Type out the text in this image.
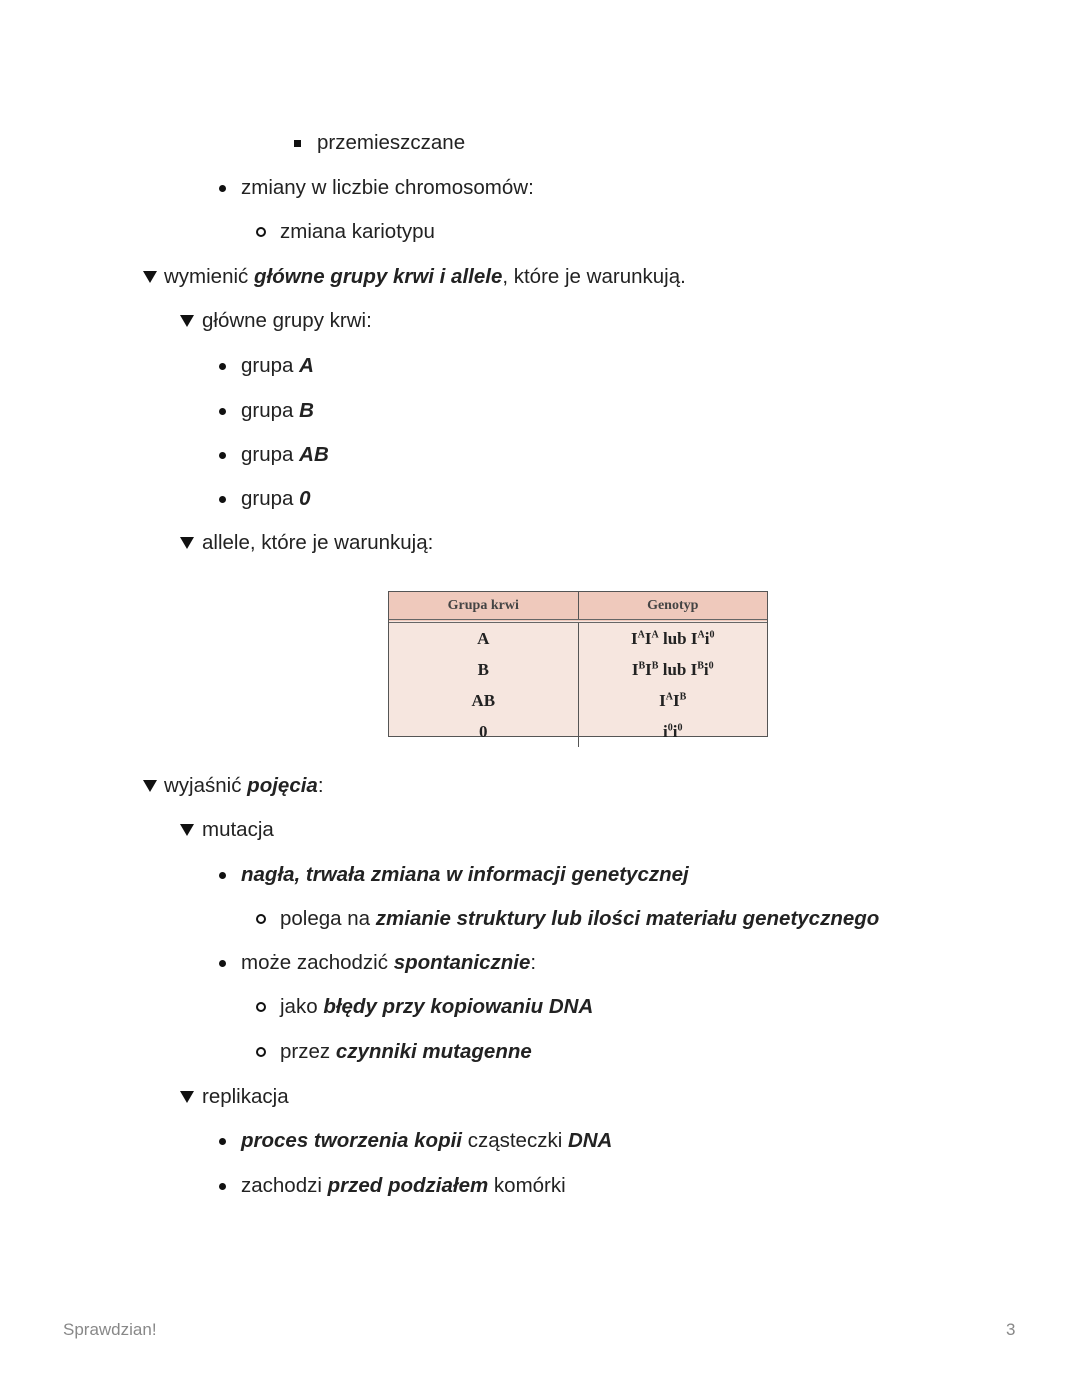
przemieszczane
zmiany w liczbie chromosomów:
zmiana kariotypu
wymienić główne grupy krwi i allele, które je warunkują.
główne grupy krwi:
grupa A
grupa B
grupa AB
grupa 0
allele, które je warunkują:
wyjaśnić pojęcia:
mutacja
nagła, trwała zmiana w informacji genetycznej
polega na zmianie struktury lub ilości materiału genetycznego
może zachodzić spontanicznie:
jako błędy przy kopiowaniu DNA
przez czynniki mutagenne
replikacja
proces tworzenia kopii cząsteczki DNA
zachodzi przed podziałem komórki
Grupa krwi	Genotyp
A	$I^AI^A$ lub $I^Ai^0$
B	$I^BI^B$ lub $I^Bi^0$
AB	$I^AI^B$
0	$i^0i^0$
Sprawdzian!	3
